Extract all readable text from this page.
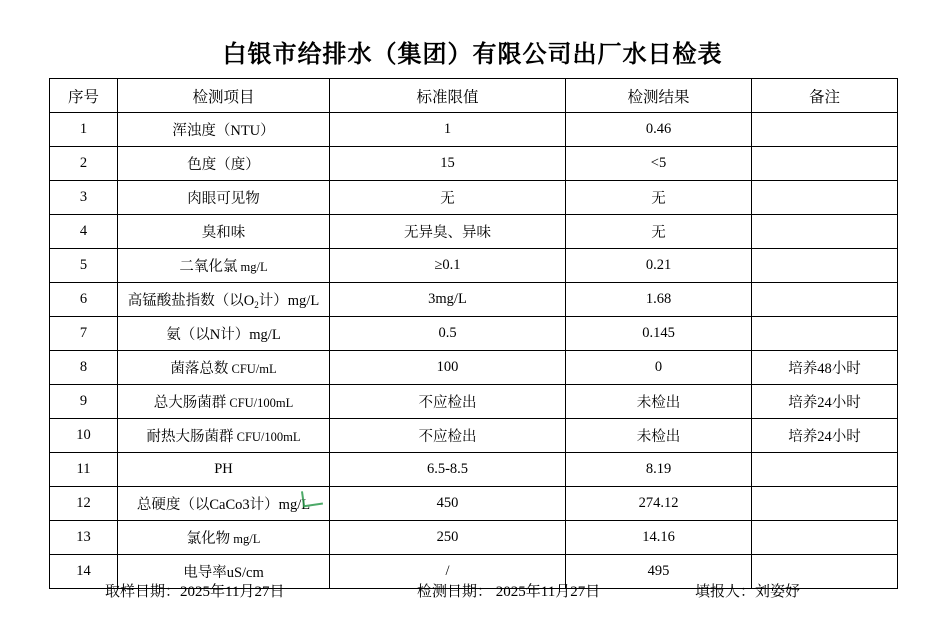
白银市给排水（集团）有限公司出厂水日检表
序号	检测项目	标准限值	检测结果	备注
1	浑浊度（NTU）	1	0.46	
2	色度（度）	15	<5	
3	肉眼可见物	无	无	
4	臭和味	无异臭、异味	无	
5	二氧化氯 mg/L	≥0.1	0.21	
6	高锰酸盐指数（以$O_2$计）mg/L	3mg/L	1.68	
7	氨（以N计）mg/L	0.5	0.145	
8	菌落总数 CFU/mL	100	0	培养48小时
9	总大肠菌群 CFU/100mL	不应检出	未检出	培养24小时
10	耐热大肠菌群 CFU/100mL	不应检出	未检出	培养24小时
11	PH	6.5-8.5	8.19	
12	总硬度（以CaCo3计）mg/L	450	274.12	
13	氯化物 mg/L	250	14.16	
14	电导率uS/cm	/	495	
取样日期：2025年11月27日	检测日期： 2025年11月27日	填报人：刘姿妤
